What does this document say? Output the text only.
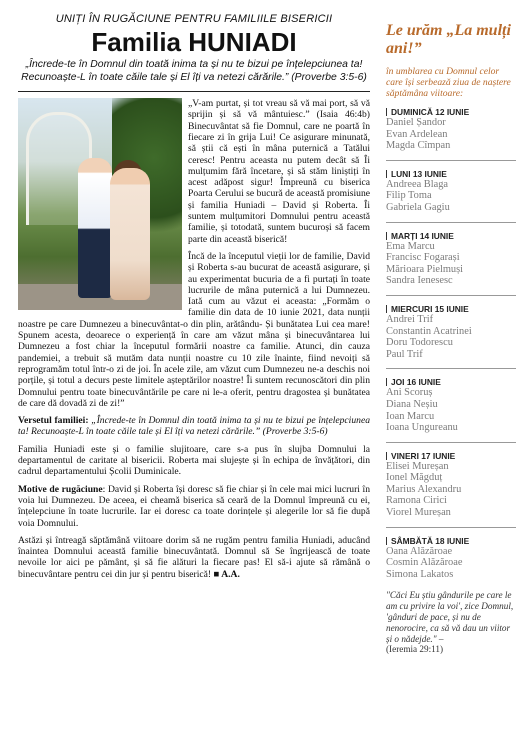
UNIȚI ÎN RUGĂCIUNE PENTRU FAMILIILE BISERICII
Familia HUNIADI
„Încrede-te în Domnul din toată inima ta și nu te bizui pe înțelepciunea ta! Recunoaște-L în toate căile tale și El îți va netezi cărările.” (Proverbe 3:5-6)

„V-am purtat, și tot vreau să vă mai port, să vă sprijin și să vă mântuiesc.” (Isaia 46:4b) Binecuvântat să fie Domnul, care ne poartă în fiecare zi în grija Lui! Ce asigurare minunată, să știi că ești în mâna puternică a Tatălui ceresc! Pentru aceasta nu putem decât să Îi mulțumim fără încetare, și să stăm liniștiți în acest adăpost sigur! Împreună cu biserica Poarta Cerului se bucură de această promisiune și familia Huniadi – David și Roberta. Îi suntem mulțumitori Domnului pentru această familie, și totodată, suntem bucuroși să facem parte din această biserică!

Încă de la începutul vieții lor de familie, David și Roberta s-au bucurat de această asigurare, și au experimentat bucuria de a fi purtați în toate lucrurile de mâna puternică a lui Dumnezeu. Iată cum au văzut ei aceasta: „Formăm o familie din data de 10 iunie 2021, data nunții noastre pe care Dumnezeu a binecuvântat-o din plin, arătându- Și bunătatea Lui cea mare! Spunem acesta, deoarece o experiență în care am văzut mâna și binecuvântarea lui Dumnezeu a fost chiar la începutul formării noastre ca familie. Atunci, din cauza pandemiei, a trebuit să mutăm data nunții noastre cu 10 zile înainte, fiind nevoiți să reprogramăm totul într-o zi de joi. În acele zile, am văzut cum Dumnezeu ne-a deschis noi porțile, și totul a decurs peste limitele așteptărilor noastre! Îi suntem recunoscători din plin Domnului pentru toate binecuvântările pe care ni le-a oferit, pentru dragostea și bunătatea de care dă dovadă zi de zi!”

Versetul familiei: „Încrede-te în Domnul din toată inima ta și nu te bizui pe înțelepciunea ta! Recunoaște-L în toate căile tale și El îți va netezi cărările.” (Proverbe 3:5-6)

Familia Huniadi este și o familie slujitoare, care s-a pus în slujba Domnului la departamentul de caritate al bisericii. Roberta mai slujește și în echipa de învățători, din cadrul departamentului Școlii Duminicale.

Motive de rugăciune: David și Roberta își doresc să fie chiar și în cele mai mici lucruri în voia lui Dumnezeu. De aceea, ei cheamă biserica să ceară de la Domnul împreună cu ei, înțelepciune în toate lucrurile. Iar ei doresc ca toate dorințele și alegerile lor să fie după voia Domnului.

Astăzi și întreagă săptămână viitoare dorim să ne rugăm pentru familia Huniadi, aducând înaintea Domnului această familie binecuvântată. Domnul să Se îngrijească de toate nevoile lor aici pe pământ, și să fie alături la fiecare pas! El să-i ajute să rămână o binecuvântare pentru cei din jur și pentru biserică! ■ A.A.

Le urăm „La mulți ani!”
în umblarea cu Domnul celor care își serbează ziua de naștere săptămâna viitoare:
DUMINICĂ 12 IUNIE
Daniel Șandor
Evan Ardelean
Magda Cîmpan
LUNI 13 IUNIE
Andreea Blaga
Filip Toma
Gabriela Gagiu
MARȚI 14 IUNIE
Ema Marcu
Francisc Fogarași
Mărioara Pielmuși
Sandra Ienesesc
MIERCURI 15 IUNIE
Andrei Trif
Constantin Acatrinei
Doru Todorescu
Paul Trif
JOI 16 IUNIE
Ani Scoruș
Diana Neșiu
Ioan Marcu
Ioana Ungureanu
VINERI 17 IUNIE
Elisei Mureșan
Ionel Măgduț
Marius Alexandru
Ramona Cirici
Viorel Mureșan
SÂMBĂTĂ 18 IUNIE
Oana Alăzăroae
Cosmin Alăzăroae
Simona Lakatos
"Căci Eu știu gândurile pe care le am cu privire la voi', zice Domnul, 'gânduri de pace, și nu de nenorocire, ca să vă dau un viitor și o nădejde." –
(Ieremia 29:11)
